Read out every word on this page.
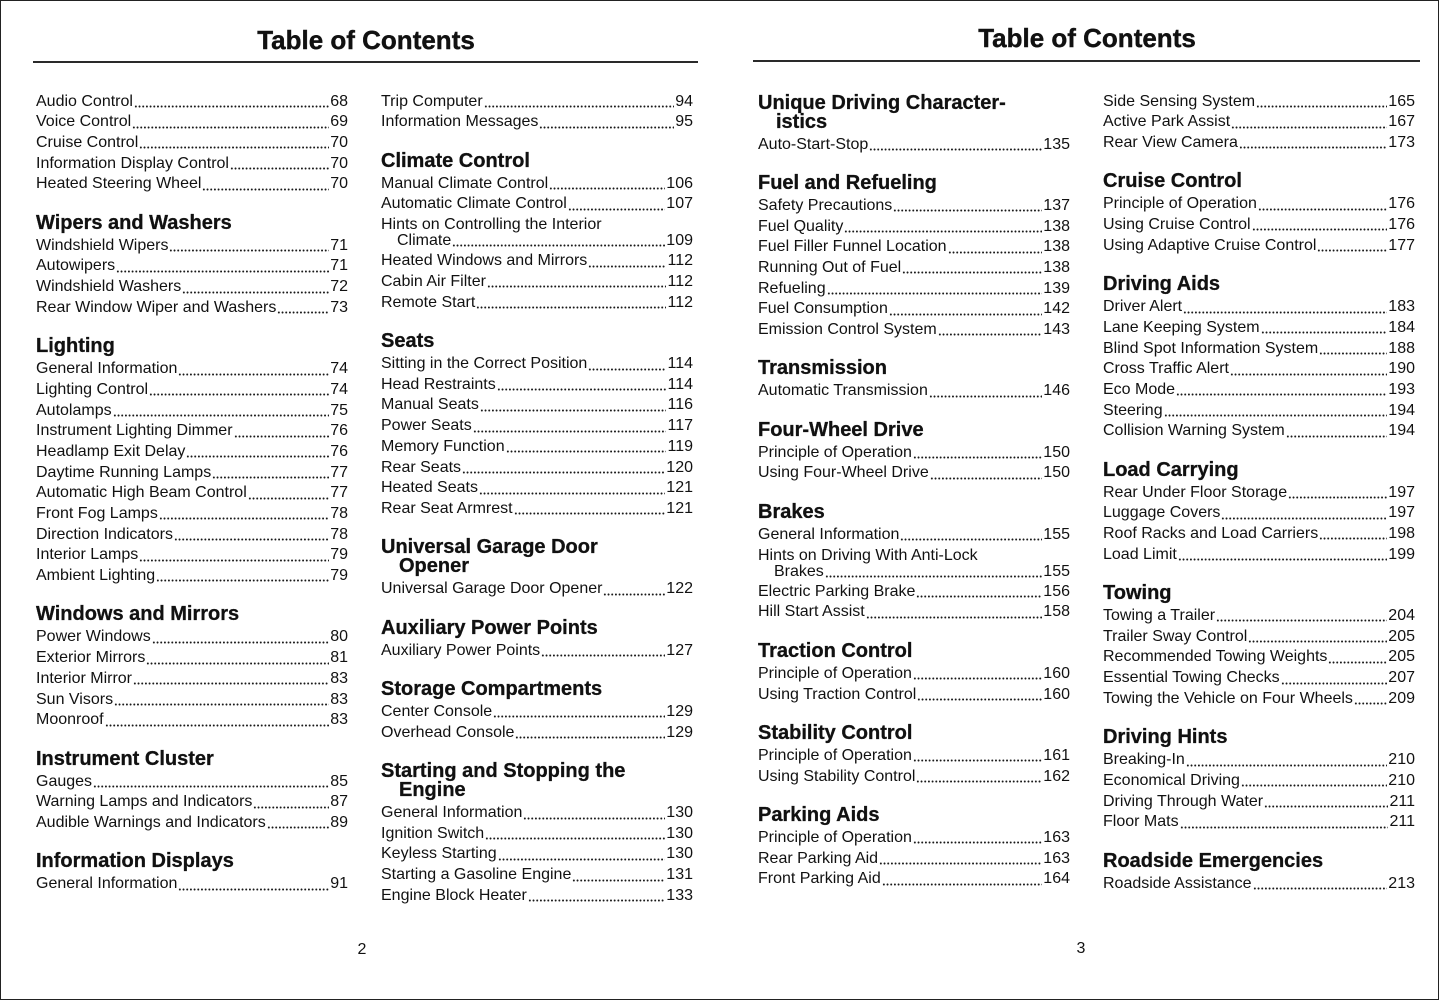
Table of Contents
2
Audio Control	68
Voice Control	69
Cruise Control	70
Information Display Control	70
Heated Steering Wheel	70
Wipers and Washers
Windshield Wipers	71
Autowipers	71
Windshield Washers	72
Rear Window Wiper and Washers	73
Lighting
General Information	74
Lighting Control	74
Autolamps	75
Instrument Lighting Dimmer	76
Headlamp Exit Delay	76
Daytime Running Lamps	77
Automatic High Beam Control	77
Front Fog Lamps	78
Direction Indicators	78
Interior Lamps	79
Ambient Lighting	79
Windows and Mirrors
Power Windows	80
Exterior Mirrors	81
Interior Mirror	83
Sun Visors	83
Moonroof	83
Instrument Cluster
Gauges	85
Warning Lamps and Indicators	87
Audible Warnings and Indicators	89
Information Displays
General Information	91
Trip Computer	94
Information Messages	95
Climate Control
Manual Climate Control	106
Automatic Climate Control	107
Hints on Controlling the Interior
Climate	109
Heated Windows and Mirrors	112
Cabin Air Filter	112
Remote Start	112
Seats
Sitting in the Correct Position	114
Head Restraints	114
Manual Seats	116
Power Seats	117
Memory Function	119
Rear Seats	120
Heated Seats	121
Rear Seat Armrest	121
Universal Garage Door
Opener
Universal Garage Door Opener	122
Auxiliary Power Points
Auxiliary Power Points	127
Storage Compartments
Center Console	129
Overhead Console	129
Starting and Stopping the
Engine
General Information	130
Ignition Switch	130
Keyless Starting	130
Starting a Gasoline Engine	131
Engine Block Heater	133
Table of Contents
3
Unique Driving Character-
istics
Auto-Start-Stop	135
Fuel and Refueling
Safety Precautions	137
Fuel Quality	138
Fuel Filler Funnel Location	138
Running Out of Fuel	138
Refueling	139
Fuel Consumption	142
Emission Control System	143
Transmission
Automatic Transmission	146
Four-Wheel Drive
Principle of Operation	150
Using Four-Wheel Drive	150
Brakes
General Information	155
Hints on Driving With Anti-Lock
Brakes	155
Electric Parking Brake	156
Hill Start Assist	158
Traction Control
Principle of Operation	160
Using Traction Control	160
Stability Control
Principle of Operation	161
Using Stability Control	162
Parking Aids
Principle of Operation	163
Rear Parking Aid	163
Front Parking Aid	164
Side Sensing System	165
Active Park Assist	167
Rear View Camera	173
Cruise Control
Principle of Operation	176
Using Cruise Control	176
Using Adaptive Cruise Control	177
Driving Aids
Driver Alert	183
Lane Keeping System	184
Blind Spot Information System	188
Cross Traffic Alert	190
Eco Mode	193
Steering	194
Collision Warning System	194
Load Carrying
Rear Under Floor Storage	197
Luggage Covers	197
Roof Racks and Load Carriers	198
Load Limit	199
Towing
Towing a Trailer	204
Trailer Sway Control	205
Recommended Towing Weights	205
Essential Towing Checks	207
Towing the Vehicle on Four Wheels 209
Driving Hints
Breaking-In	210
Economical Driving	210
Driving Through Water	211
Floor Mats	211
Roadside Emergencies
Roadside Assistance	213
